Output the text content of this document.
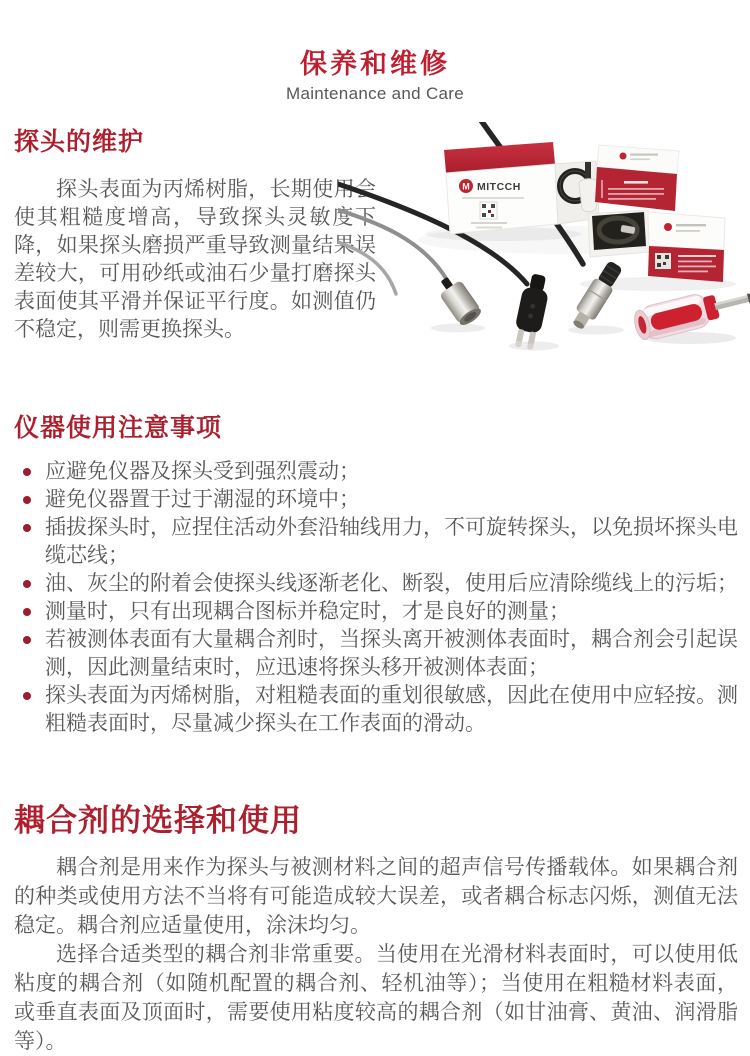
保养和维修
Maintenance and Care
探头的维护

探头表面为丙烯树脂，长期使用会使其粗糙度增高，导致探头灵敏度下降，如果探头磨损严重导致测量结果误差较大，可用砂纸或油石少量打磨探头表面使其平滑并保证平行度。如测值仍不稳定，则需更换探头。

M MITCCH
仪器使用注意事项
应避免仪器及探头受到强烈震动；
避免仪器置于过于潮湿的环境中；
插拔探头时，应捏住活动外套沿轴线用力，不可旋转探头，以免损坏探头电缆芯线；
油、灰尘的附着会使探头线逐渐老化、断裂，使用后应清除缆线上的污垢；
测量时，只有出现耦合图标并稳定时，才是良好的测量；
若被测体表面有大量耦合剂时，当探头离开被测体表面时，耦合剂会引起误测，因此测量结束时，应迅速将探头移开被测体表面；
探头表面为丙烯树脂，对粗糙表面的重划很敏感，因此在使用中应轻按。测粗糙表面时，尽量减少探头在工作表面的滑动。
耦合剂的选择和使用

耦合剂是用来作为探头与被测材料之间的超声信号传播载体。如果耦合剂的种类或使用方法不当将有可能造成较大误差，或者耦合标志闪烁，测值无法稳定。耦合剂应适量使用，涂沫均匀。

选择合适类型的耦合剂非常重要。当使用在光滑材料表面时，可以使用低粘度的耦合剂（如随机配置的耦合剂、轻机油等）；当使用在粗糙材料表面，或垂直表面及顶面时，需要使用粘度较高的耦合剂（如甘油膏、黄油、润滑脂等）。
